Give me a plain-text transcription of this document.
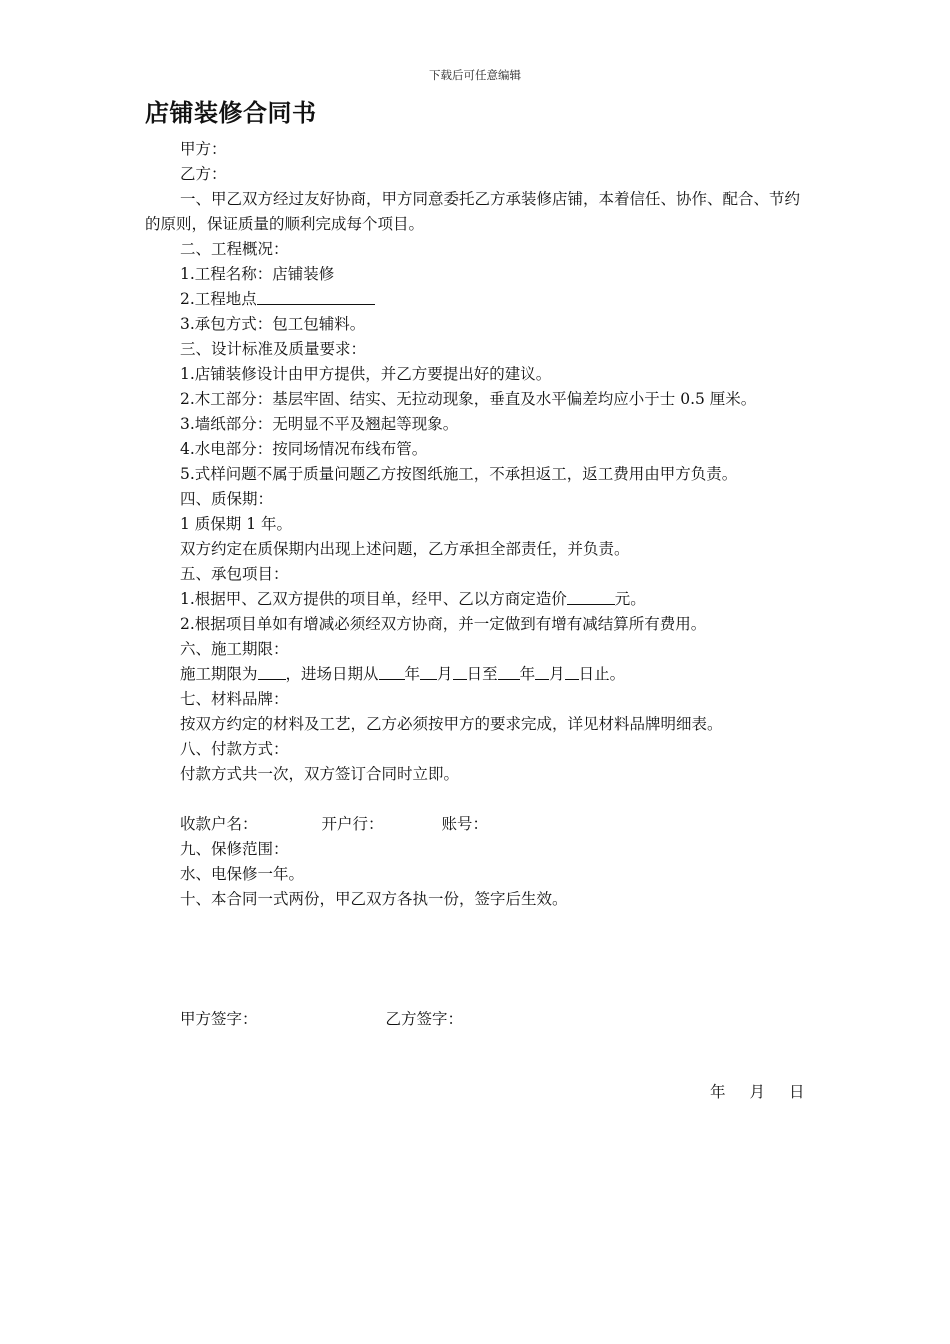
下载后可任意编辑
店铺装修合同书
甲方：
乙方：
一、甲乙双方经过友好协商，甲方同意委托乙方承装修店铺，本着信任、协作、配合、节约的原则，保证质量的顺利完成每个项目。
二、工程概况：
1.工程名称：店铺装修
2.工程地点
3.承包方式：包工包辅料。
三、设计标准及质量要求：
1.店铺装修设计由甲方提供，并乙方要提出好的建议。
2.木工部分：基层牢固、结实、无拉动现象，垂直及水平偏差均应小于士 0.5 厘米。
3.墙纸部分：无明显不平及翘起等现象。
4.水电部分：按同场情况布线布管。
5.式样问题不属于质量问题乙方按图纸施工，不承担返工，返工费用由甲方负责。
四、质保期：
1 质保期 1 年。
双方约定在质保期内出现上述问题，乙方承担全部责任，并负责。
五、承包项目：
1.根据甲、乙双方提供的项目单，经甲、乙以方商定造价	元。
2.根据项目单如有增减必须经双方协商，并一定做到有增有减结算所有费用。
六、施工期限：
施工期限为 ，进场日期从 年 月 日至 年 月 日止。
七、材料品牌：
按双方约定的材料及工艺，乙方必须按甲方的要求完成，详见材料品牌明细表。
八、付款方式：
付款方式共一次，双方签订合同时立即。
收款户名：	开户行：	账号：
九、保修范围：
水、电保修一年。
十、本合同一式两份，甲乙双方各执一份，签字后生效。
甲方签字：	乙方签字：
年 月 日
